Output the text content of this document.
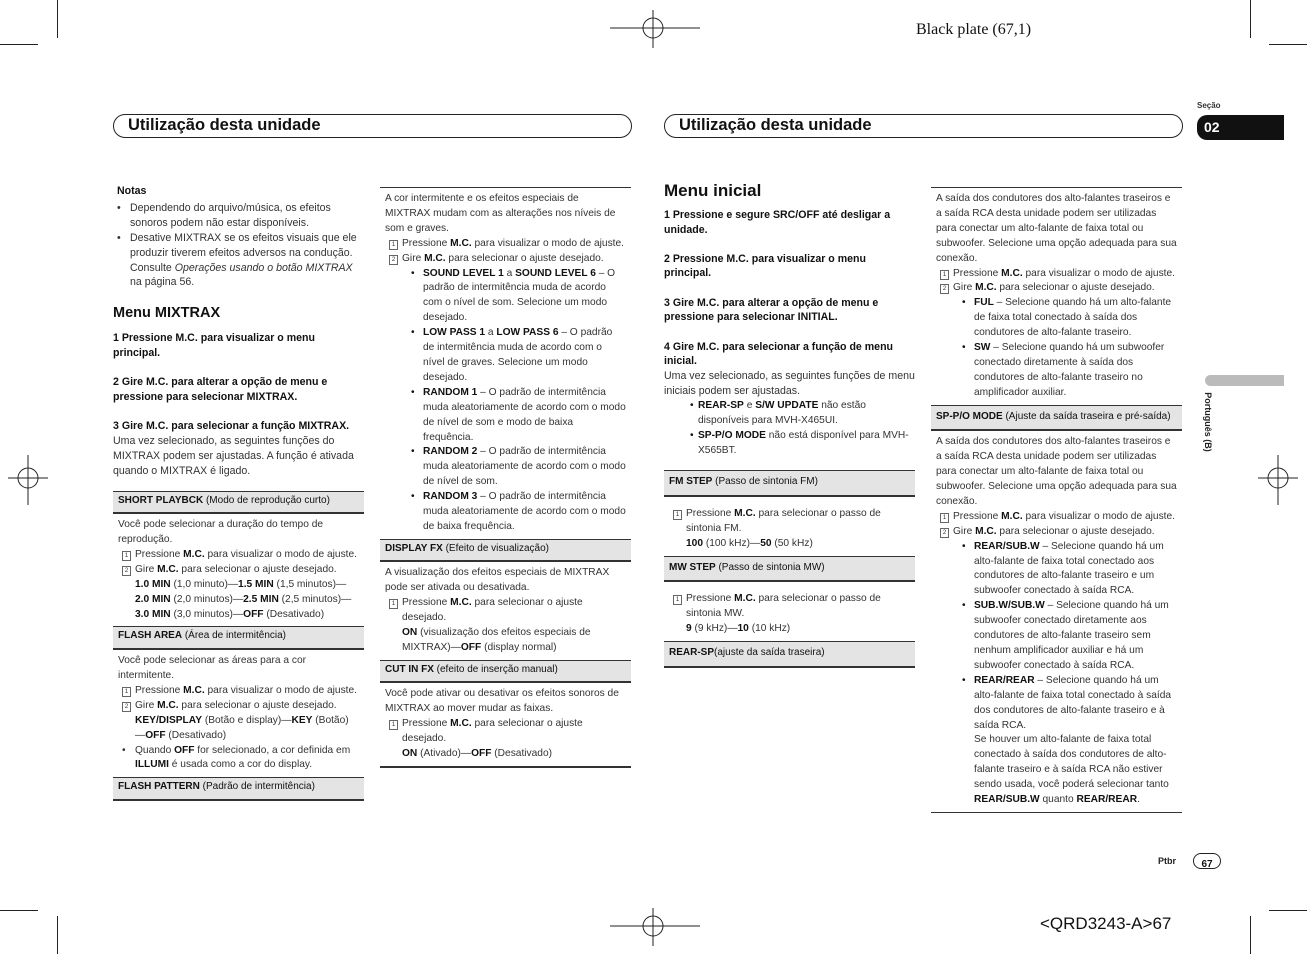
Black plate (67,1)
Seção
02
Português (B)
Utilização desta unidade	Utilização desta unidade

Notas

• Dependendo do arquivo/música, os efeitos sonoros podem não estar disponíveis.

• Desative MIXTRAX se os efeitos visuais que ele produzir tiverem efeitos adversos na condução. Consulte Operações usando o botão MIXTRAX na página 56.

Menu MIXTRAX

1 Pressione M.C. para visualizar o menu principal.

2 Gire M.C. para alterar a opção de menu e pressione para selecionar MIXTRAX.

3 Gire M.C. para selecionar a função MIXTRAX.

Uma vez selecionado, as seguintes funções do MIXTRAX podem ser ajustadas. A função é ativada quando o MIXTRAX é ligado.

SHORT PLAYBCK (Modo de reprodução curto)

Você pode selecionar a duração do tempo de reprodução.

1 Pressione M.C. para visualizar o modo de ajuste.

2 Gire M.C. para selecionar o ajuste desejado.

1.0 MIN (1,0 minuto)—1.5 MIN (1,5 minutos)—2.0 MIN (2,0 minutos)—2.5 MIN (2,5 minutos)—3.0 MIN (3,0 minutos)—OFF (Desativado)

FLASH AREA (Área de intermitência)

Você pode selecionar as áreas para a cor intermitente.

1 Pressione M.C. para visualizar o modo de ajuste.

2 Gire M.C. para selecionar o ajuste desejado.

KEY/DISPLAY (Botão e display)—KEY (Botão) —OFF (Desativado)

• Quando OFF for selecionado, a cor definida em ILLUMI é usada como a cor do display.

FLASH PATTERN (Padrão de intermitência)

A cor intermitente e os efeitos especiais de MIXTRAX mudam com as alterações nos níveis de som e graves.

1 Pressione M.C. para visualizar o modo de ajuste.

2 Gire M.C. para selecionar o ajuste desejado.

• SOUND LEVEL 1 a SOUND LEVEL 6 – O padrão de intermitência muda de acordo com o nível de som. Selecione um modo desejado.

• LOW PASS 1 a LOW PASS 6 – O padrão de intermitência muda de acordo com o nível de graves. Selecione um modo desejado.

• RANDOM 1 – O padrão de intermitência muda aleatoriamente de acordo com o modo de nível de som e modo de baixa frequência.

• RANDOM 2 – O padrão de intermitência muda aleatoriamente de acordo com o modo de nível de som.

• RANDOM 3 – O padrão de intermitência muda aleatoriamente de acordo com o modo de baixa frequência.

DISPLAY FX (Efeito de visualização)

A visualização dos efeitos especiais de MIXTRAX pode ser ativada ou desativada.

1 Pressione M.C. para selecionar o ajuste desejado.

ON (visualização dos efeitos especiais de MIXTRAX)—OFF (display normal)

CUT IN FX (efeito de inserção manual)

Você pode ativar ou desativar os efeitos sonoros de MIXTRAX ao mover mudar as faixas.

1 Pressione M.C. para selecionar o ajuste desejado.

ON (Ativado)—OFF (Desativado)

Menu inicial

1 Pressione e segure SRC/OFF até desligar a unidade.

2 Pressione M.C. para visualizar o menu principal.

3 Gire M.C. para alterar a opção de menu e pressione para selecionar INITIAL.

4 Gire M.C. para selecionar a função de menu inicial.

Uma vez selecionado, as seguintes funções de menu iniciais podem ser ajustadas.

• REAR-SP e S/W UPDATE não estão disponíveis para MVH-X465UI.

• SP-P/O MODE não está disponível para MVH-X565BT.

FM STEP (Passo de sintonia FM)

1 Pressione M.C. para selecionar o passo de sintonia FM.

100 (100 kHz)—50 (50 kHz)

MW STEP (Passo de sintonia MW)

1 Pressione M.C. para selecionar o passo de sintonia MW.

9 (9 kHz)—10 (10 kHz)

REAR-SP(ajuste da saída traseira)

A saída dos condutores dos alto-falantes traseiros e a saída RCA desta unidade podem ser utilizadas para conectar um alto-falante de faixa total ou subwoofer. Selecione uma opção adequada para sua conexão.

1 Pressione M.C. para visualizar o modo de ajuste.

2 Gire M.C. para selecionar o ajuste desejado.

• FUL – Selecione quando há um alto-falante de faixa total conectado à saída dos condutores de alto-falante traseiro.

• SW – Selecione quando há um subwoofer conectado diretamente à saída dos condutores de alto-falante traseiro no amplificador auxiliar.

SP-P/O MODE (Ajuste da saída traseira e pré-saída)

A saída dos condutores dos alto-falantes traseiros e a saída RCA desta unidade podem ser utilizadas para conectar um alto-falante de faixa total ou subwoofer. Selecione uma opção adequada para sua conexão.

1 Pressione M.C. para visualizar o modo de ajuste.

2 Gire M.C. para selecionar o ajuste desejado.

• REAR/SUB.W – Selecione quando há um alto-falante de faixa total conectado aos condutores de alto-falante traseiro e um subwoofer conectado à saída RCA.

• SUB.W/SUB.W – Selecione quando há um subwoofer conectado diretamente aos condutores de alto-falante traseiro sem nenhum amplificador auxiliar e há um subwoofer conectado à saída RCA.

• REAR/REAR – Selecione quando há um alto-falante de faixa total conectado à saída dos condutores de alto-falante traseiro e à saída RCA.

Se houver um alto-falante de faixa total conectado à saída dos condutores de alto-falante traseiro e à saída RCA não estiver sendo usada, você poderá selecionar tanto REAR/SUB.W quanto REAR/REAR.

Ptbr	67
<QRD3243-A>67
